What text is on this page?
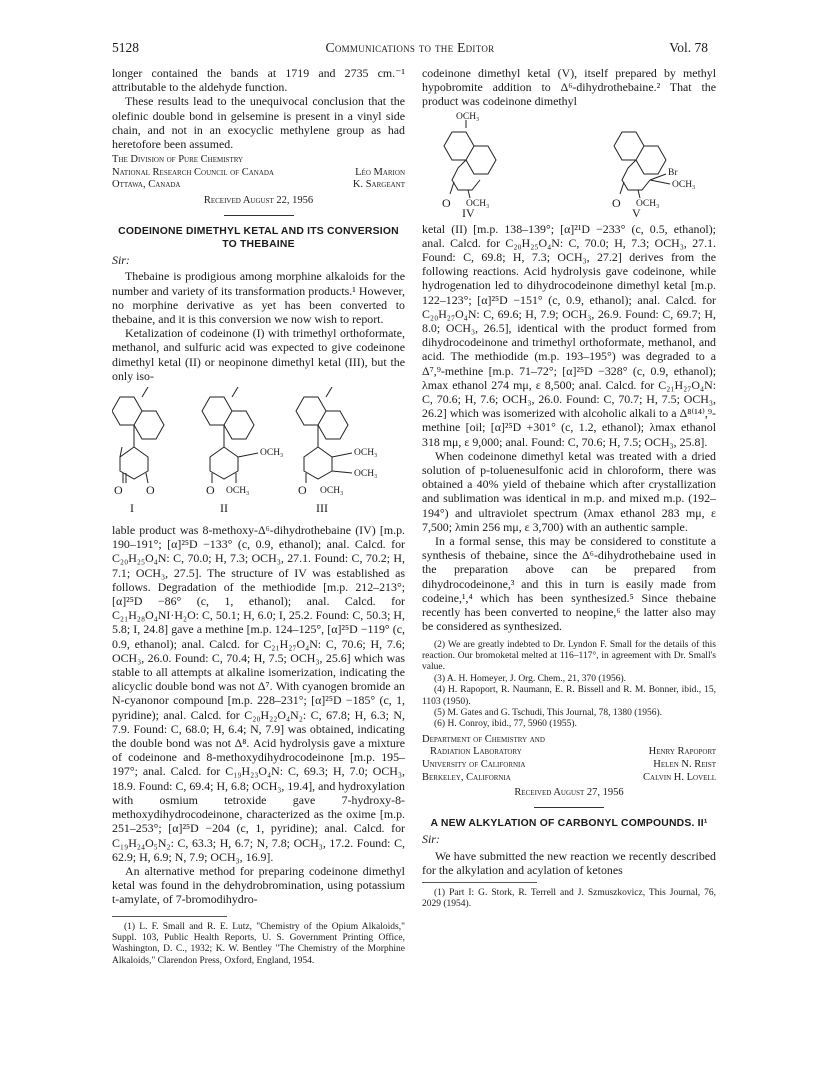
5128	Communications to the Editor	Vol. 78

longer contained the bands at 1719 and 2735 cm.⁻¹ attributable to the aldehyde function.

These results lead to the unequivocal conclusion that the olefinic double bond in gelsemine is present in a vinyl side chain, and not in an exocyclic methylene group as had heretofore been assumed.

The Division of Pure Chemistry
National Research Council of Canada	Léo Marion
Ottawa, Canada	K. Sargeant
Received August 22, 1956
CODEINONE DIMETHYL KETAL AND ITS CONVERSION TO THEBAINE
Sir:

Thebaine is prodigious among morphine alkaloids for the number and variety of its transformation products.¹ However, no morphine derivative as yet has been converted to thebaine, and it is this conversion we now wish to report.

Ketalization of codeinone (I) with trimethyl orthoformate, methanol, and sulfuric acid was expected to give codeinone dimethyl ketal (II) or neopinone dimethyl ketal (III), but the only iso-

O O
I
OCH₃
O OCH₃
II
OCH₃
OCH₃
O OCH₃
III

lable product was 8-methoxy-Δ⁶-dihydrothebaine (IV) [m.p. 190–191°; [α]²⁵D −133° (c, 0.9, ethanol); anal. Calcd. for C₂₀H₂₅O₄N: C, 70.0; H, 7.3; OCH₃, 27.1. Found: C, 70.2; H, 7.1; OCH₃, 27.5]. The structure of IV was established as follows. Degradation of the methiodide [m.p. 212–213°; [α]²⁵D −86° (c, 1, ethanol); anal. Calcd. for C₂₁H₂₈O₄NI·H₂O: C, 50.1; H, 6.0; I, 25.2. Found: C, 50.3; H, 5.8; I, 24.8] gave a methine [m.p. 124–125°, [α]²⁵D −119° (c, 0.9, ethanol); anal. Calcd. for C₂₁H₂₇O₄N: C, 70.6; H, 7.6; OCH₃, 26.0. Found: C, 70.4; H, 7.5; OCH₃, 25.6] which was stable to all attempts at alkaline isomerization, indicating the alicyclic double bond was not Δ⁷. With cyanogen bromide an N-cyanonor compound [m.p. 228–231°; [α]²⁵D −185° (c, 1, pyridine); anal. Calcd. for C₂₀H₂₂O₄N₂: C, 67.8; H, 6.3; N, 7.9. Found: C, 68.0; H, 6.4; N, 7.9] was obtained, indicating the double bond was not Δ⁸. Acid hydrolysis gave a mixture of codeinone and 8-methoxydihydrocodeinone [m.p. 195–197°; anal. Calcd. for C₁₉H₂₃O₄N: C, 69.3; H, 7.0; OCH₃, 18.9. Found: C, 69.4; H, 6.8; OCH₃, 19.4], and hydroxylation with osmium tetroxide gave 7-hydroxy-8-methoxydihydrocodeinone, characterized as the oxime [m.p. 251–253°; [α]²⁵D −204 (c, 1, pyridine); anal. Calcd. for C₁₉H₂₄O₅N₂: C, 63.3; H, 6.7; N, 7.8; OCH₃, 17.2. Found: C, 62.9; H, 6.9; N, 7.9; OCH₃, 16.9].

An alternative method for preparing codeinone dimethyl ketal was found in the dehydrobromination, using potassium t-amylate, of 7-bromodihydro-

(1) L. F. Small and R. E. Lutz, "Chemistry of the Opium Alkaloids," Suppl. 103, Public Health Reports, U. S. Government Printing Office, Washington, D. C., 1932; K. W. Bentley "The Chemistry of the Morphine Alkaloids," Clarendon Press, Oxford, England, 1954.

codeinone dimethyl ketal (V), itself prepared by methyl hypobromite addition to Δ⁶-dihydrothebaine.² That the product was codeinone dimethyl

OCH₃
O OCH₃
IV
Br
OCH₃
O OCH₃
V

ketal (II) [m.p. 138–139°; [α]²¹D −233° (c, 0.5, ethanol); anal. Calcd. for C₂₀H₂₅O₄N: C, 70.0; H, 7.3; OCH₃, 27.1. Found: C, 69.8; H, 7.3; OCH₃, 27.2] derives from the following reactions. Acid hydrolysis gave codeinone, while hydrogenation led to dihydrocodeinone dimethyl ketal [m.p. 122–123°; [α]²⁵D −151° (c, 0.9, ethanol); anal. Calcd. for C₂₀H₂₇O₄N: C, 69.6; H, 7.9; OCH₃, 26.9. Found: C, 69.7; H, 8.0; OCH₃, 26.5], identical with the product formed from dihydrocodeinone and trimethyl orthoformate, methanol, and acid. The methiodide (m.p. 193–195°) was degraded to a Δ⁷,⁹-methine [m.p. 71–72°; [α]²⁵D −328° (c, 0.9, ethanol); λmax ethanol 274 mμ, ε 8,500; anal. Calcd. for C₂₁H₂₇O₄N: C, 70.6; H, 7.6; OCH₃, 26.0. Found: C, 70.7; H, 7.5; OCH₃, 26.2] which was isomerized with alcoholic alkali to a Δ⁸⁽¹⁴⁾,⁹-methine [oil; [α]²⁵D +301° (c, 1.2, ethanol); λmax ethanol 318 mμ, ε 9,000; anal. Found: C, 70.6; H, 7.5; OCH₃, 25.8].

When codeinone dimethyl ketal was treated with a dried solution of p-toluenesulfonic acid in chloroform, there was obtained a 40% yield of thebaine which after crystallization and sublimation was identical in m.p. and mixed m.p. (192–194°) and ultraviolet spectrum (λmax ethanol 283 mμ, ε 7,500; λmin 256 mμ, ε 3,700) with an authentic sample.

In a formal sense, this may be considered to constitute a synthesis of thebaine, since the Δ⁶-dihydrothebaine used in the preparation above can be prepared from dihydrocodeinone,³ and this in turn is easily made from codeine,¹,⁴ which has been synthesized.⁵ Since thebaine recently has been converted to neopine,⁶ the latter also may be considered as synthesized.

(2) We are greatly indebted to Dr. Lyndon F. Small for the details of this reaction. Our bromoketal melted at 116–117°, in agreement with Dr. Small's value.

(3) A. H. Homeyer, J. Org. Chem., 21, 370 (1956).

(4) H. Rapoport, R. Naumann, E. R. Bissell and R. M. Bonner, ibid., 15, 1103 (1950).

(5) M. Gates and G. Tschudi, This Journal, 78, 1380 (1956).

(6) H. Conroy, ibid., 77, 5960 (1955).

Department of Chemistry and
Radiation Laboratory	Henry Rapoport
University of California	Helen N. Reist
Berkeley, California	Calvin H. Lovell
Received August 27, 1956
A NEW ALKYLATION OF CARBONYL COMPOUNDS. II¹
Sir:

We have submitted the new reaction we recently described for the alkylation and acylation of ketones

(1) Part I: G. Stork, R. Terrell and J. Szmuszkovicz, This Journal, 76, 2029 (1954).
